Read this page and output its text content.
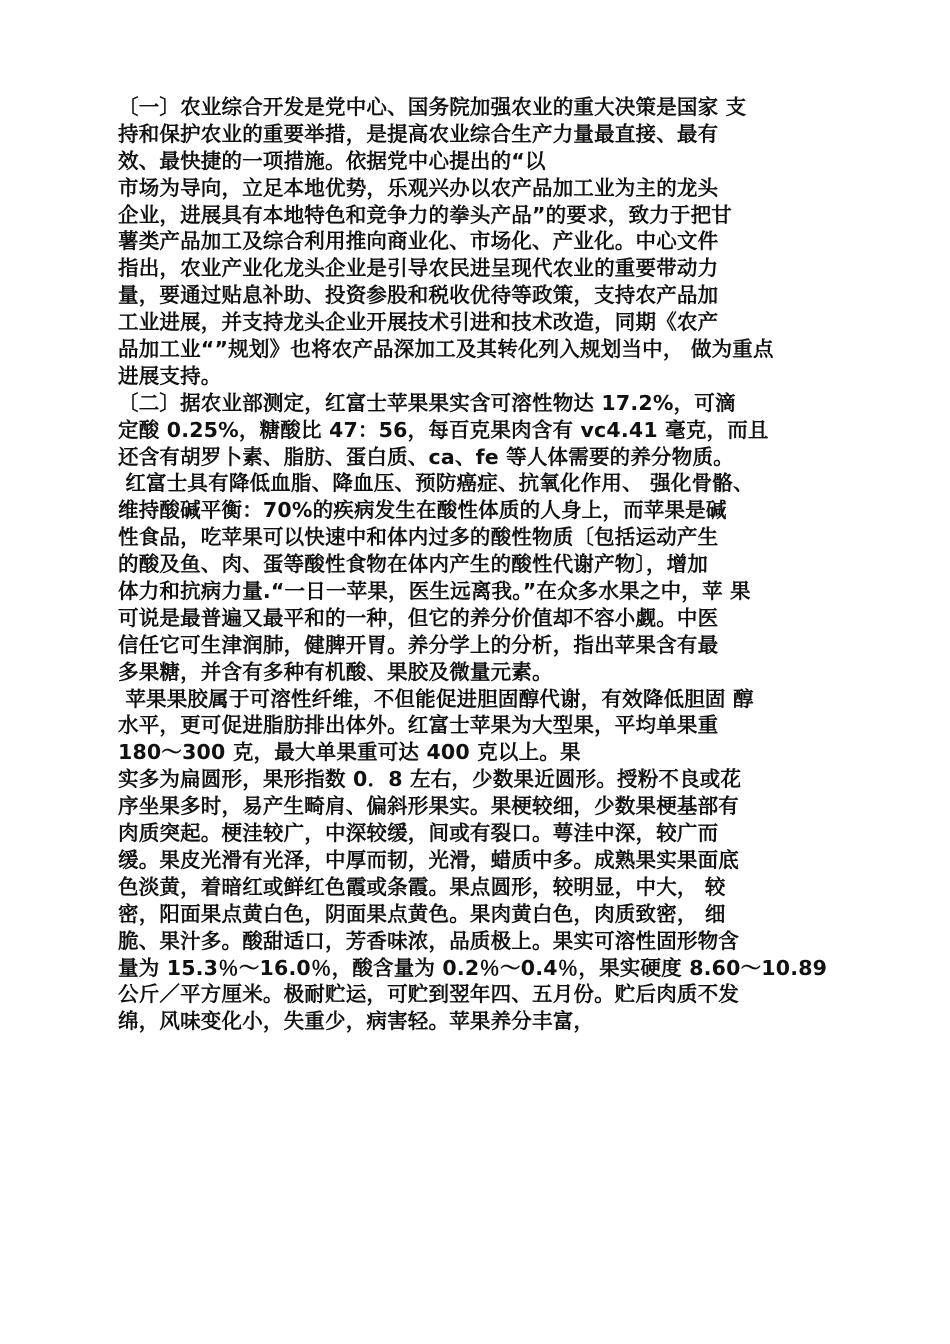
〔一〕农业综合开发是党中心、国务院加强农业的重大决策是国家 支
持和保护农业的重要举措，是提高农业综合生产力量最直接、最有
效、最快捷的一项措施。依据党中心提出的“以
市场为导向，立足本地优势，乐观兴办以农产品加工业为主的龙头
企业，进展具有本地特色和竞争力的拳头产品”的要求，致力于把甘
薯类产品加工及综合利用推向商业化、市场化、产业化。中心文件
指出，农业产业化龙头企业是引导农民进呈现代农业的重要带动力
量，要通过贴息补助、投资参股和税收优待等政策，支持农产品加
工业进展，并支持龙头企业开展技术引进和技术改造，同期《农产
品加工业“”规划》也将农产品深加工及其转化列入规划当中， 做为重点
进展支持。
〔二〕据农业部测定，红富士苹果果实含可溶性物达 17.2%，可滴
定酸 0.25%，糖酸比 47：56，每百克果肉含有 vc4.41 毫克，而且
还含有胡罗卜素、脂肪、蛋白质、ca、fe 等人体需要的养分物质。
红富士具有降低血脂、降血压、预防癌症、抗氧化作用、 强化骨骼、
维持酸碱平衡：70%的疾病发生在酸性体质的人身上，而苹果是碱
性食品，吃苹果可以快速中和体内过多的酸性物质〔包括运动产生
的酸及鱼、肉、蛋等酸性食物在体内产生的酸性代谢产物〕，增加
体力和抗病力量.“一日一苹果，医生远离我。”在众多水果之中，苹 果
可说是最普遍又最平和的一种，但它的养分价值却不容小觑。中医
信任它可生津润肺，健脾开胃。养分学上的分析，指出苹果含有最
多果糖，并含有多种有机酸、果胶及微量元素。
苹果果胶属于可溶性纤维，不但能促进胆固醇代谢，有效降低胆固 醇
水平，更可促进脂肪排出体外。红富士苹果为大型果，平均单果重
180～300 克，最大单果重可达 400 克以上。果
实多为扁圆形，果形指数 0．8 左右，少数果近圆形。授粉不良或花
序坐果多时，易产生畸肩、偏斜形果实。果梗较细，少数果梗基部有
肉质突起。梗洼较广，中深较缓，间或有裂口。萼洼中深，较广而
缓。果皮光滑有光泽，中厚而韧，光滑，蜡质中多。成熟果实果面底
色淡黄，着暗红或鲜红色霞或条霞。果点圆形，较明显，中大， 较
密，阳面果点黄白色，阴面果点黄色。果肉黄白色，肉质致密， 细
脆、果汁多。酸甜适口，芳香味浓，品质极上。果实可溶性固形物含
量为 15.3％～16.0％，酸含量为 0.2％～0.4％，果实硬度 8.60～10.89
公斤／平方厘米。极耐贮运，可贮到翌年四、五月份。贮后肉质不发
绵，风味变化小，失重少，病害轻。苹果养分丰富，
